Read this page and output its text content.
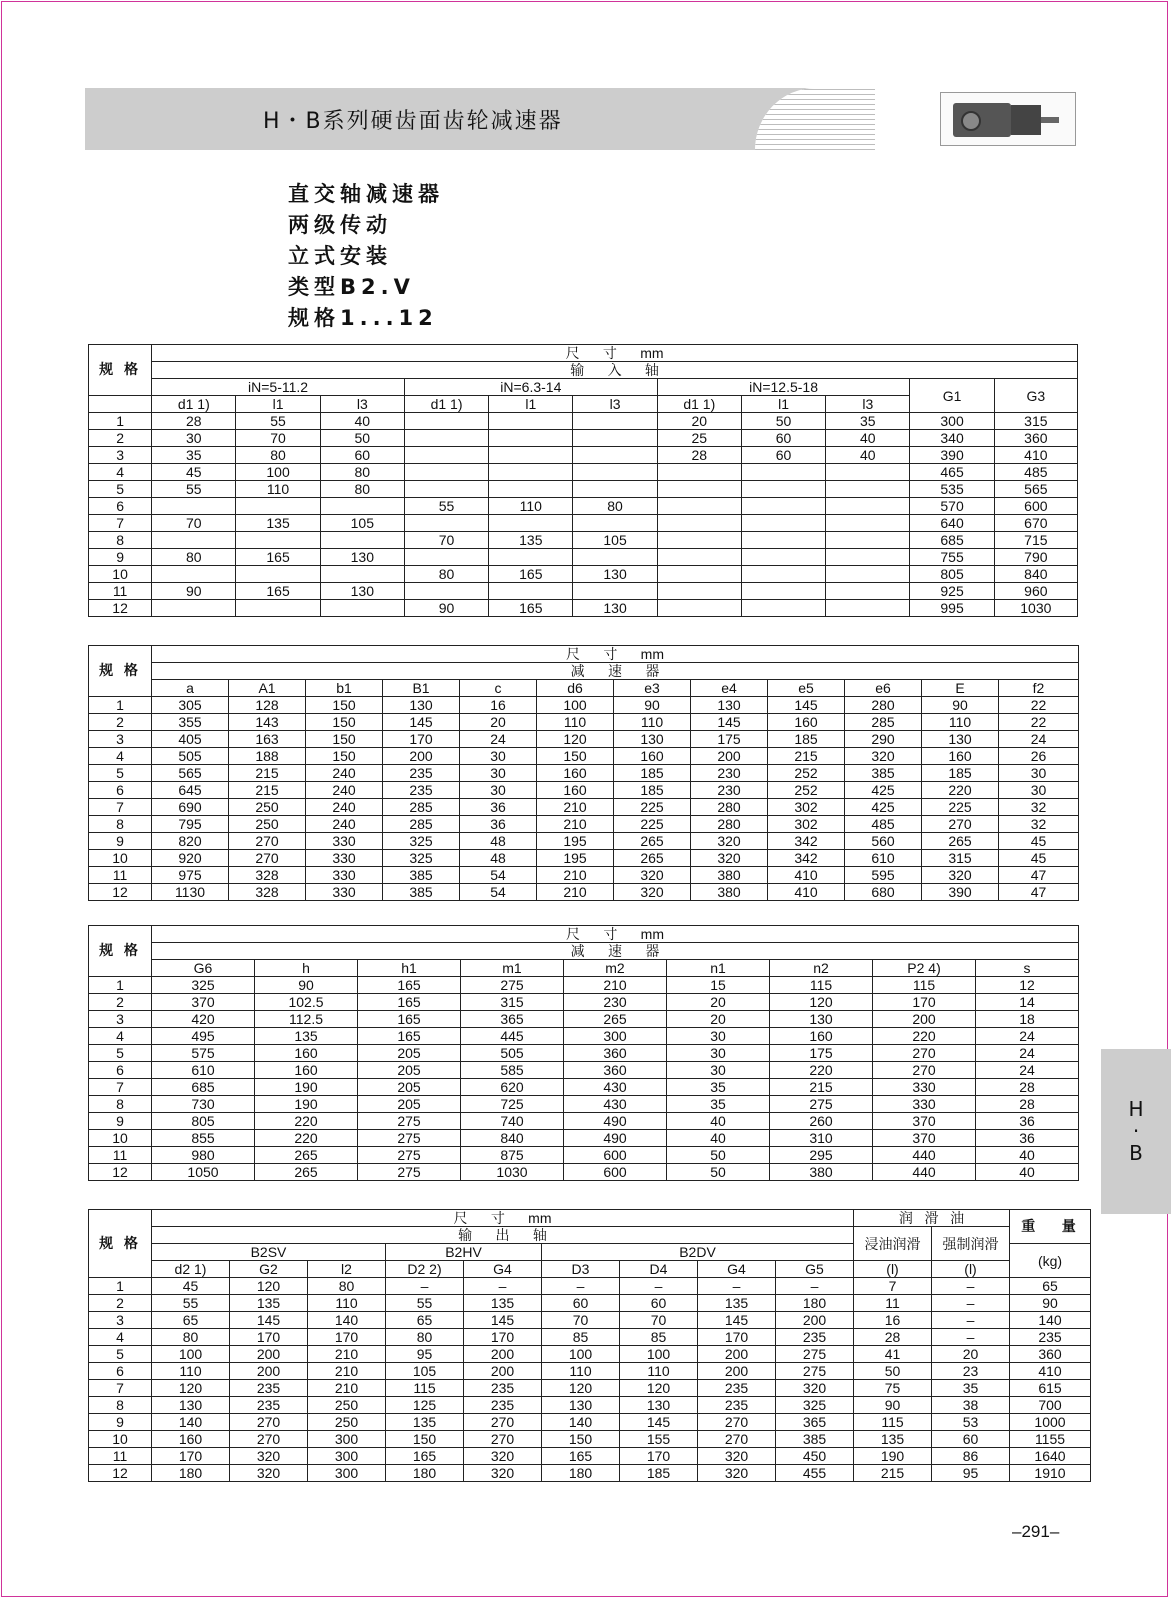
H・B系列硬齿面齿轮减速器
直交轴减速器
两级传动
立式安装
类型B2.V
规格1...12
规 格	尺      寸      mm										
	输      入      轴										
	iN=5-11.2			iN=6.3-14			iN=12.5-18			G1	G3
	d1 1)	l1	l3	d1 1)	l1	l3	d1 1)	l1	l3		
1	28	55	40				20	50	35	300	315
2	30	70	50				25	60	40	340	360
3	35	80	60				28	60	40	390	410
4	45	100	80							465	485
5	55	110	80							535	565
6				55	110	80				570	600
7	70	135	105							640	670
8				70	135	105				685	715
9	80	165	130							755	790
10				80	165	130				805	840
11	90	165	130							925	960
12				90	165	130				995	1030
规 格	尺      寸      mm											
	减      速      器											
	a	A1	b1	B1	c	d6	e3	e4	e5	e6	E	f2
1	305	128	150	130	16	100	90	130	145	280	90	22
2	355	143	150	145	20	110	110	145	160	285	110	22
3	405	163	150	170	24	120	130	175	185	290	130	24
4	505	188	150	200	30	150	160	200	215	320	160	26
5	565	215	240	235	30	160	185	230	252	385	185	30
6	645	215	240	235	30	160	185	230	252	425	220	30
7	690	250	240	285	36	210	225	280	302	425	225	32
8	795	250	240	285	36	210	225	280	302	485	270	32
9	820	270	330	325	48	195	265	320	342	560	265	45
10	920	270	330	325	48	195	265	320	342	610	315	45
11	975	328	330	385	54	210	320	380	410	595	320	47
12	1130	328	330	385	54	210	320	380	410	680	390	47
规 格	尺      寸      mm								
	减      速      器								
	G6	h	h1	m1	m2	n1	n2	P2 4)	s
1	325	90	165	275	210	15	115	115	12
2	370	102.5	165	315	230	20	120	170	14
3	420	112.5	165	365	265	20	130	200	18
4	495	135	165	445	300	30	160	220	24
5	575	160	205	505	360	30	175	270	24
6	610	160	205	585	360	30	220	270	24
7	685	190	205	620	430	35	215	330	28
8	730	190	205	725	430	35	275	330	28
9	805	220	275	740	490	40	260	370	36
10	855	220	275	840	490	40	310	370	36
11	980	265	275	875	600	50	295	440	40
12	1050	265	275	1030	600	50	380	440	40
规 格	尺      寸      mm									润   滑   油		重   量
	输      出      轴									浸油润滑	强制润滑	
	B2SV			B2HV		B2DV						(kg)
	d2 1)	G2	l2	D2 2)	G4	D3	D4	G4	G5	(l)	(l)	
1	45	120	80	–	–	–	–	–	–	7	–	65
2	55	135	110	55	135	60	60	135	180	11	–	90
3	65	145	140	65	145	70	70	145	200	16	–	140
4	80	170	170	80	170	85	85	170	235	28	–	235
5	100	200	210	95	200	100	100	200	275	41	20	360
6	110	200	210	105	200	110	110	200	275	50	23	410
7	120	235	210	115	235	120	120	235	320	75	35	615
8	130	235	250	125	235	130	130	235	325	90	38	700
9	140	270	250	135	270	140	145	270	365	115	53	1000
10	160	270	300	150	270	150	155	270	385	135	60	1155
11	170	320	300	165	320	165	170	320	450	190	86	1640
12	180	320	300	180	320	180	185	320	455	215	95	1910
H
·
B
–291–
